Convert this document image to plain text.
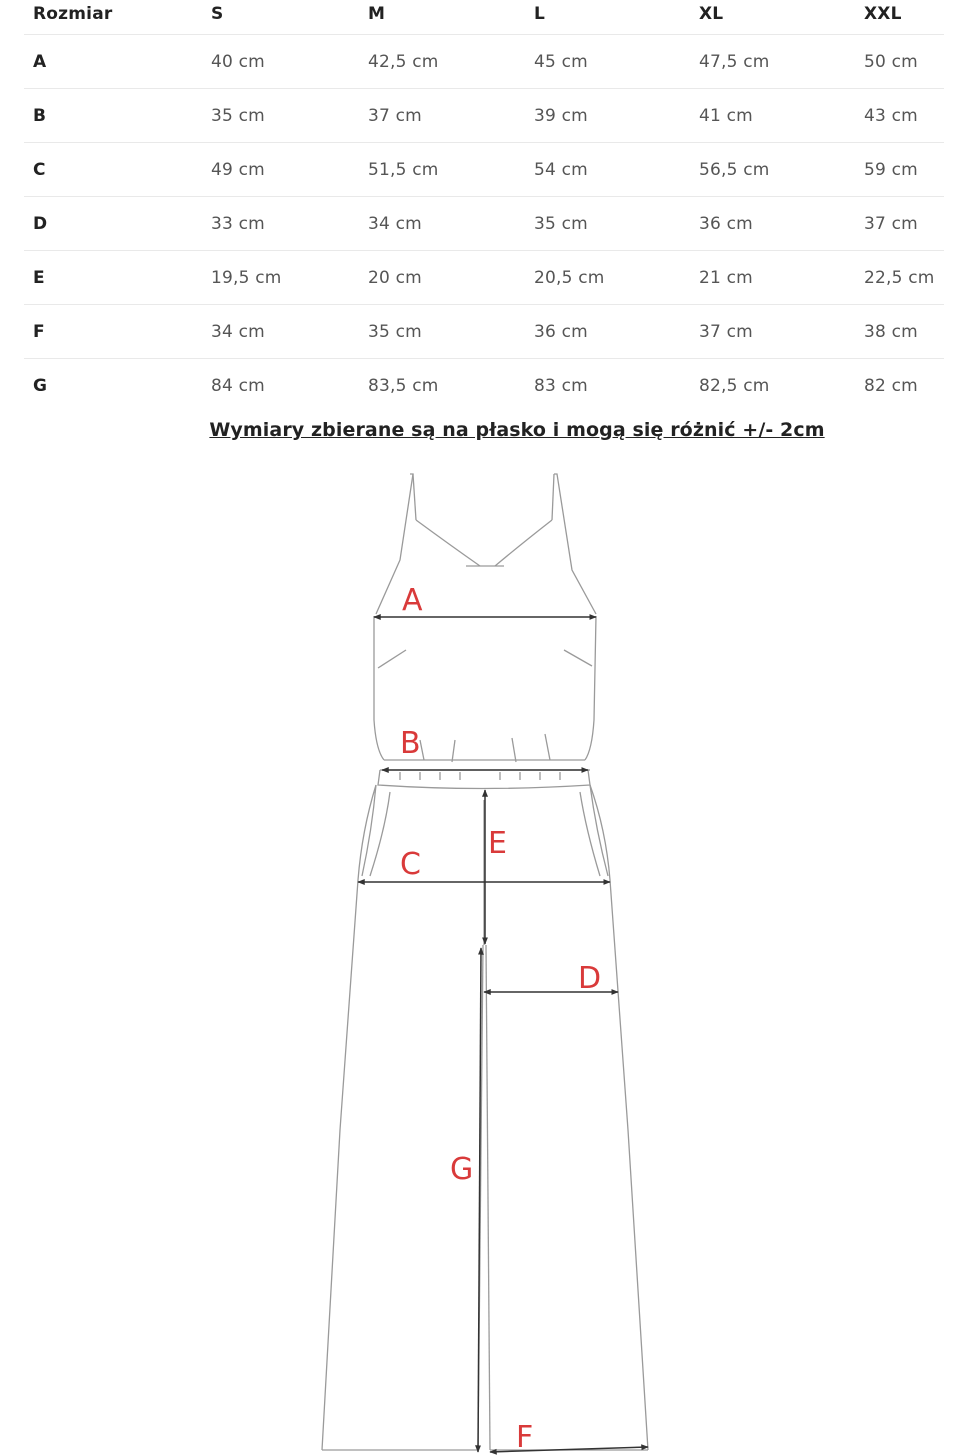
Rozmiar	S	M	L	XL	XXL
A	40 cm	42,5 cm	45 cm	47,5 cm	50 cm
B	35 cm	37 cm	39 cm	41 cm	43 cm
C	49 cm	51,5 cm	54 cm	56,5 cm	59 cm
D	33 cm	34 cm	35 cm	36 cm	37 cm
E	19,5 cm	20 cm	20,5 cm	21 cm	22,5 cm
F	34 cm	35 cm	36 cm	37 cm	38 cm
G	84 cm	83,5 cm	83 cm	82,5 cm	82 cm
Wymiary zbierane są na płasko i mogą się różnić +/- 2cm
A
B
C
D
E
F
G
